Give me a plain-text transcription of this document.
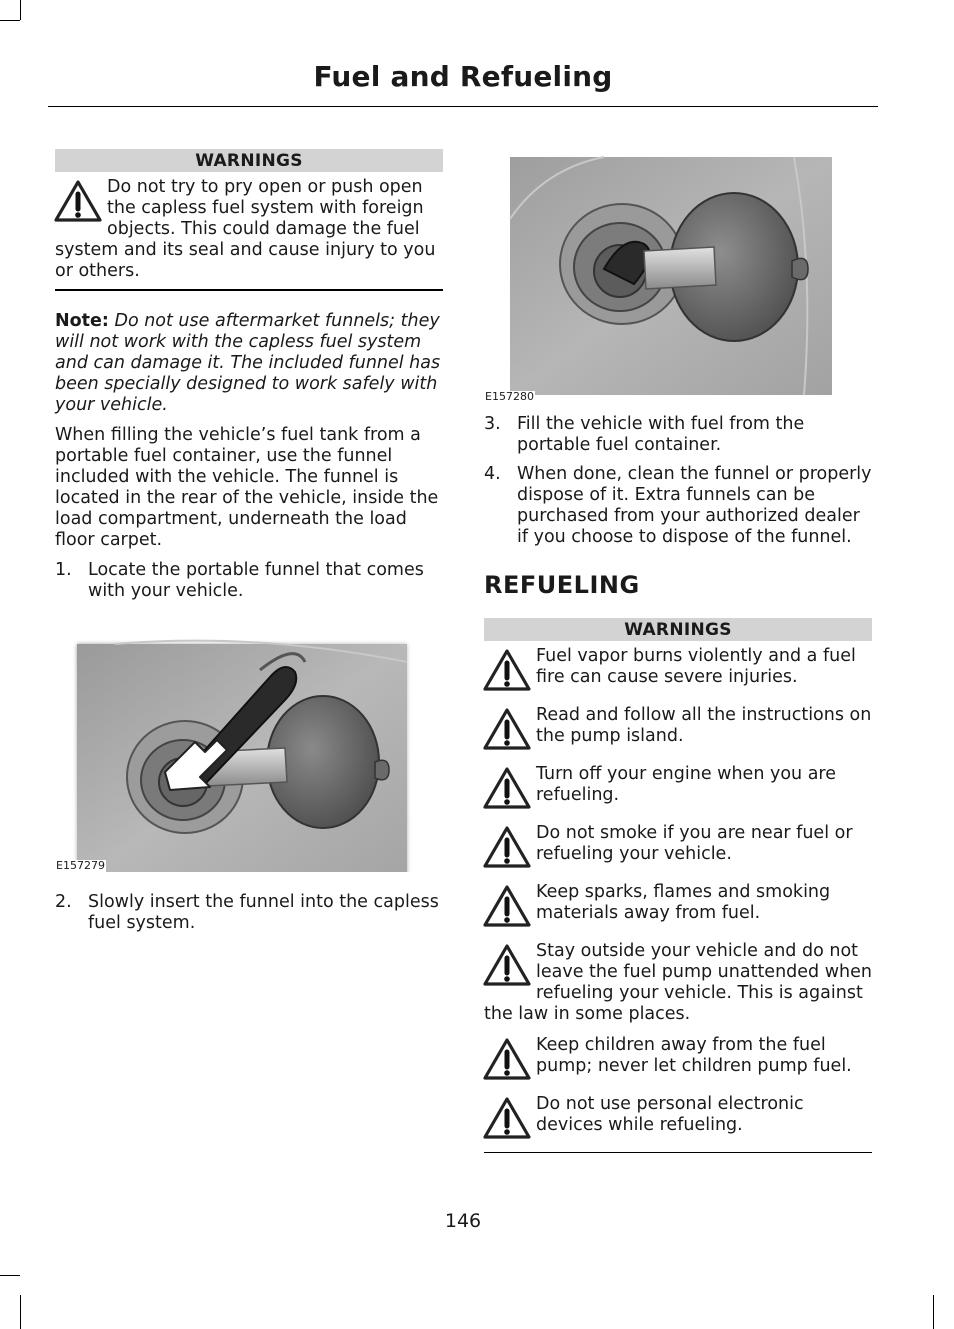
Fuel and Refueling
WARNINGS

Do not try to pry open or push open the capless fuel system with foreign objects. This could damage the fuel system and its seal and cause injury to you or others.

Note: Do not use aftermarket funnels; they will not work with the capless fuel system and can damage it. The included funnel has been specially designed to work safely with your vehicle.

When filling the vehicle’s fuel tank from a portable fuel container, use the funnel included with the vehicle. The funnel is located in the rear of the vehicle, inside the load compartment, underneath the load floor carpet.

1. Locate the portable funnel that comes with your vehicle.

E157279

2. Slowly insert the funnel into the capless fuel system.

E157280

3. Fill the vehicle with fuel from the portable fuel container.

4. When done, clean the funnel or properly dispose of it. Extra funnels can be purchased from your authorized dealer if you choose to dispose of the funnel.

REFUELING
WARNINGS

Fuel vapor burns violently and a fuel fire can cause severe injuries.

Read and follow all the instructions on the pump island.

Turn off your engine when you are refueling.

Do not smoke if you are near fuel or refueling your vehicle.

Keep sparks, flames and smoking materials away from fuel.

Stay outside your vehicle and do not leave the fuel pump unattended when refueling your vehicle. This is against the law in some places.

Keep children away from the fuel pump; never let children pump fuel.

Do not use personal electronic devices while refueling.

146
